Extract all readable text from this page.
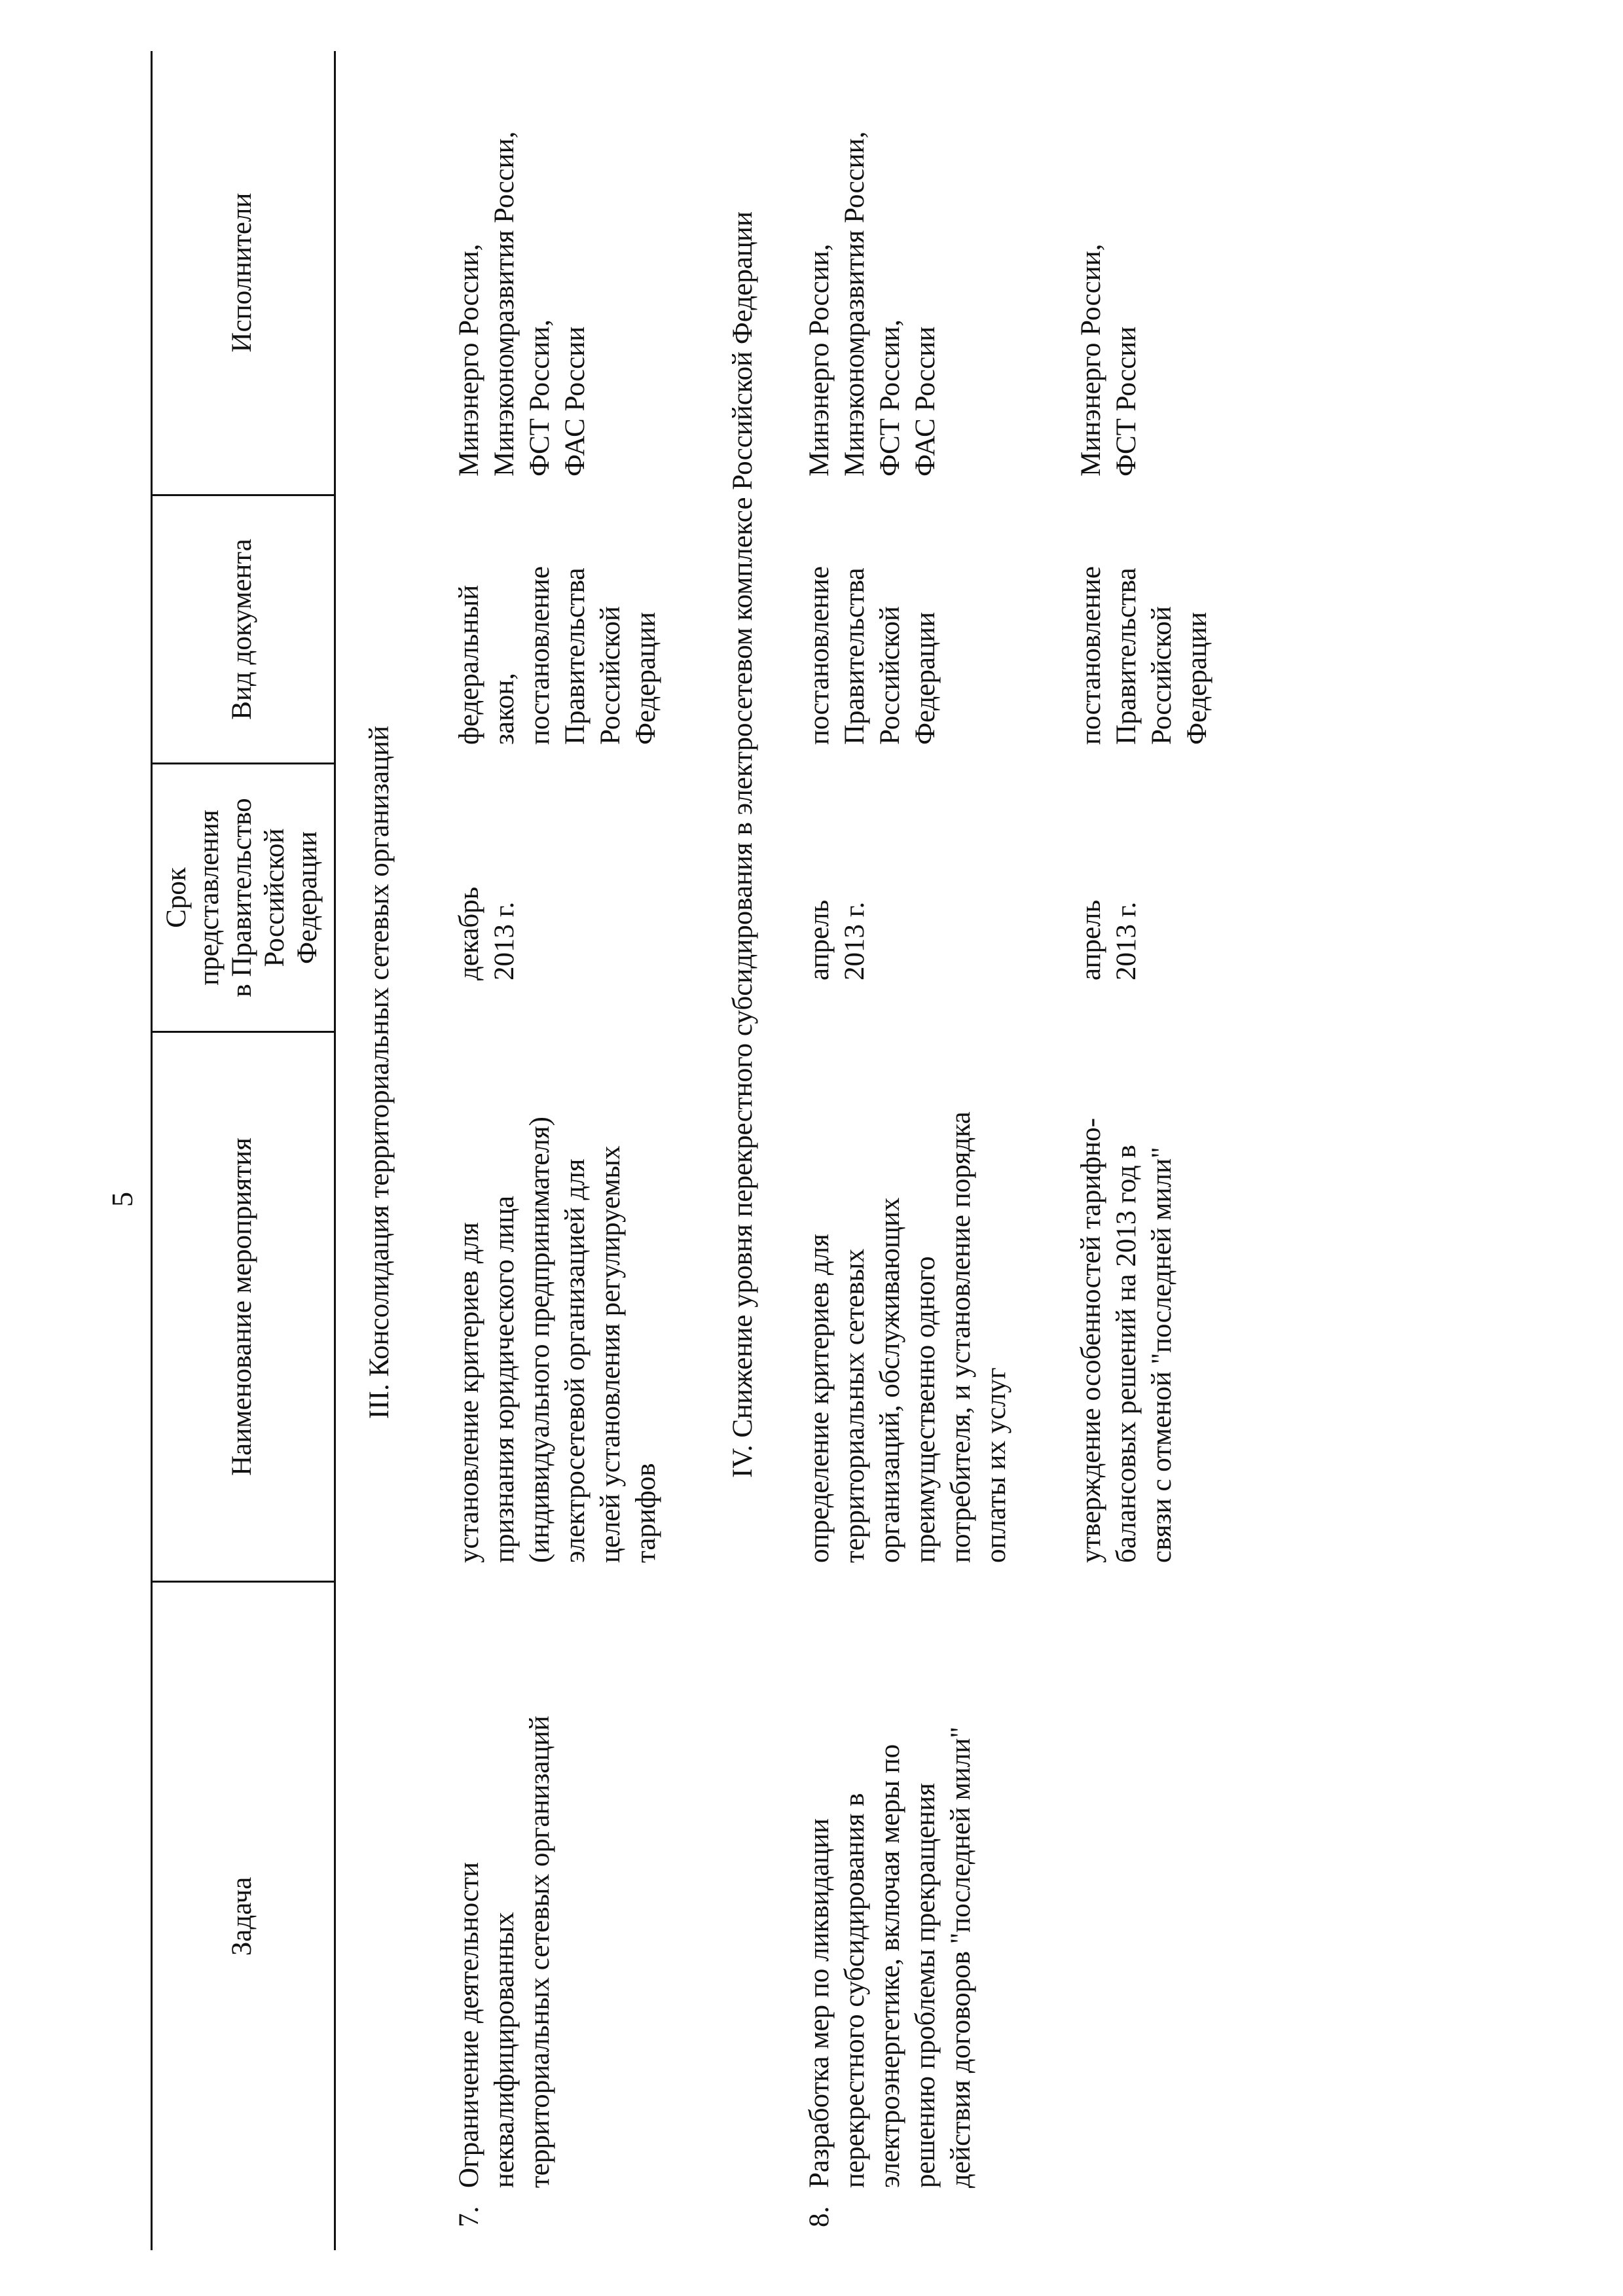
5
Задача
Наименование мероприятия
Срок
представления
в Правительство
Российской
Федерации
Вид документа
Исполнители
III. Консолидация территориальных сетевых организаций
7.
Ограничение деятельности
неквалифицированных
территориальных сетевых организаций
установление критериев для
признания юридического лица
(индивидуального предпринимателя)
электросетевой организацией для
целей установления регулируемых
тарифов
декабрь
2013 г.
федеральный
закон,
постановление
Правительства
Российской
Федерации
Минэнерго России,
Минэкономразвития России,
ФСТ России,
ФАС России	IV. Снижение уровня перекрестного субсидирования в электросетевом комплексе Российской Федерации
8.
Разработка мер по ликвидации
перекрестного субсидирования в
электроэнергетике, включая меры по
решению проблемы прекращения
действия договоров "последней мили"
определение критериев для
территориальных сетевых
организаций, обслуживающих
преимущественно одного
потребителя, и установление порядка
оплаты их услуг
апрель
2013 г.
постановление
Правительства
Российской
Федерации
Минэнерго России,
Минэкономразвития России,
ФСТ России,
ФАС России
утверждение особенностей тарифно-
балансовых решений на 2013 год в
связи с отменой "последней мили"
апрель
2013 г.
постановление
Правительства
Российской
Федерации
Минэнерго России,
ФСТ России
